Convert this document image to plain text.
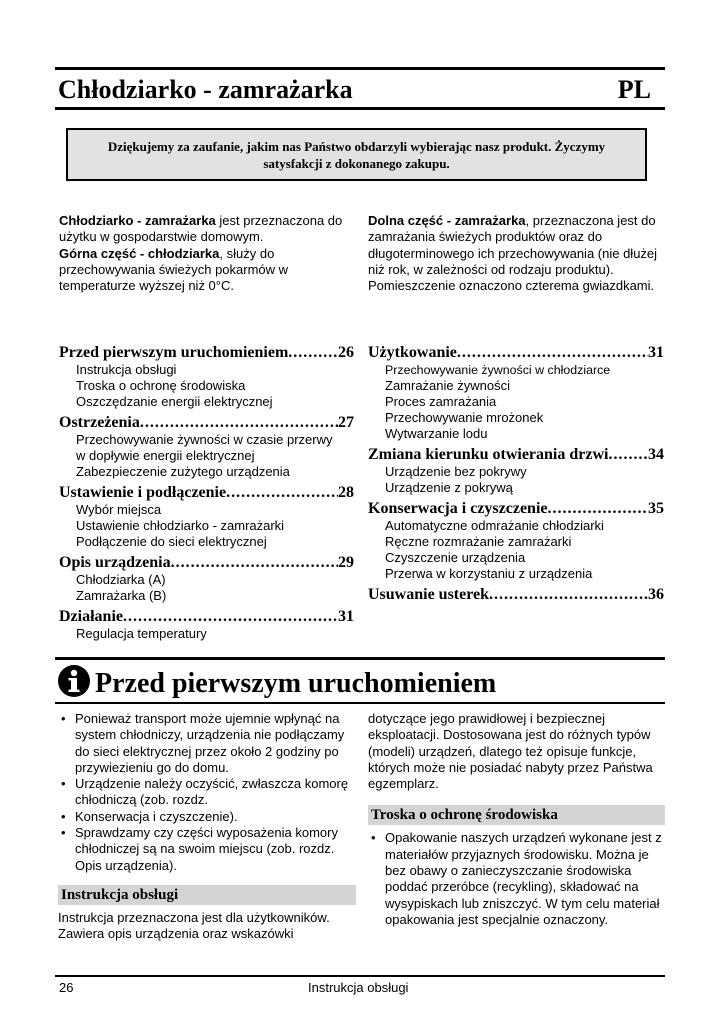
Chłodziarko - zamrażarka	PL
Dziękujemy za zaufanie, jakim nas Państwo obdarzyli wybierając nasz produkt. Życzymy satysfakcji z dokonanego zakupu.
Chłodziarko - zamrażarka jest przeznaczona do użytku w gospodarstwie domowym.
Górna część - chłodziarka, służy do przechowywania świeżych pokarmów w temperaturze wyższej niż 0°C.
Dolna część - zamrażarka, przeznaczona jest do zamrażania świeżych produktów oraz do długoterminowego ich przechowywania (nie dłużej niż rok, w zależności od rodzaju produktu). Pomieszczenie oznaczono czterema gwiazdkami.
Przed pierwszym uruchomieniem .....	26
Instrukcja obsługi
Troska o ochronę środowiska
Oszczędzanie energii elektrycznej
Ostrzeżenia .....	27
Przechowywanie żywności w czasie przerwy
w dopływie energii elektrycznej
Zabezpieczenie zużytego urządzenia
Ustawienie i podłączenie .....	28
Wybór miejsca
Ustawienie chłodziarko - zamrażarki
Podłączenie do sieci elektrycznej
Opis urządzenia .....	29
Chłodziarka (A)
Zamrażarka (B)
Działanie .....	31
Regulacja temperatury
Użytkowanie .....	31
Przechowywanie żywności w chłodziarce
Zamrażanie żywności
Proces zamrażania
Przechowywanie mrożonek
Wytwarzanie lodu
Zmiana kierunku otwierania drzwi ..... 34
Urządzenie bez pokrywy
Urządzenie z pokrywą
Konserwacja i czyszczenie .....	35
Automatyczne odmrażanie chłodziarki
Ręczne rozmrażanie zamrażarki
Czyszczenie urządzenia
Przerwa w korzystaniu z urządzenia
Usuwanie usterek .....	36
Przed pierwszym uruchomieniem
• Ponieważ transport może ujemnie wpłynąć na system chłodniczy, urządzenia nie podłączamy do sieci elektrycznej przez około 2 godziny po przywiezieniu go do domu.
• Urządzenie należy oczyścić, zwłaszcza komorę chłodniczą (zob. rozdz.
• Konserwacja i czyszczenie).
• Sprawdzamy czy części wyposażenia komory chłodniczej są na swoim miejscu (zob. rozdz. Opis urządzenia).
Instrukcja obsługi
Instrukcja przeznaczona jest dla użytkowników. Zawiera opis urządzenia oraz wskazówki
dotyczące jego prawidłowej i bezpiecznej eksploatacji. Dostosowana jest do różnych typów (modeli) urządzeń, dlatego też opisuje funkcje, których może nie posiadać nabyty przez Państwa egzemplarz.
Troska o ochronę środowiska
• Opakowanie naszych urządzeń wykonane jest z materiałów przyjaznych środowisku. Można je bez obawy o zanieczyszczanie środowiska poddać przeróbce (recykling), składować na wysypiskach lub zniszczyć. W tym celu materiał opakowania jest specjalnie oznaczony.
26	Instrukcja obsługi
